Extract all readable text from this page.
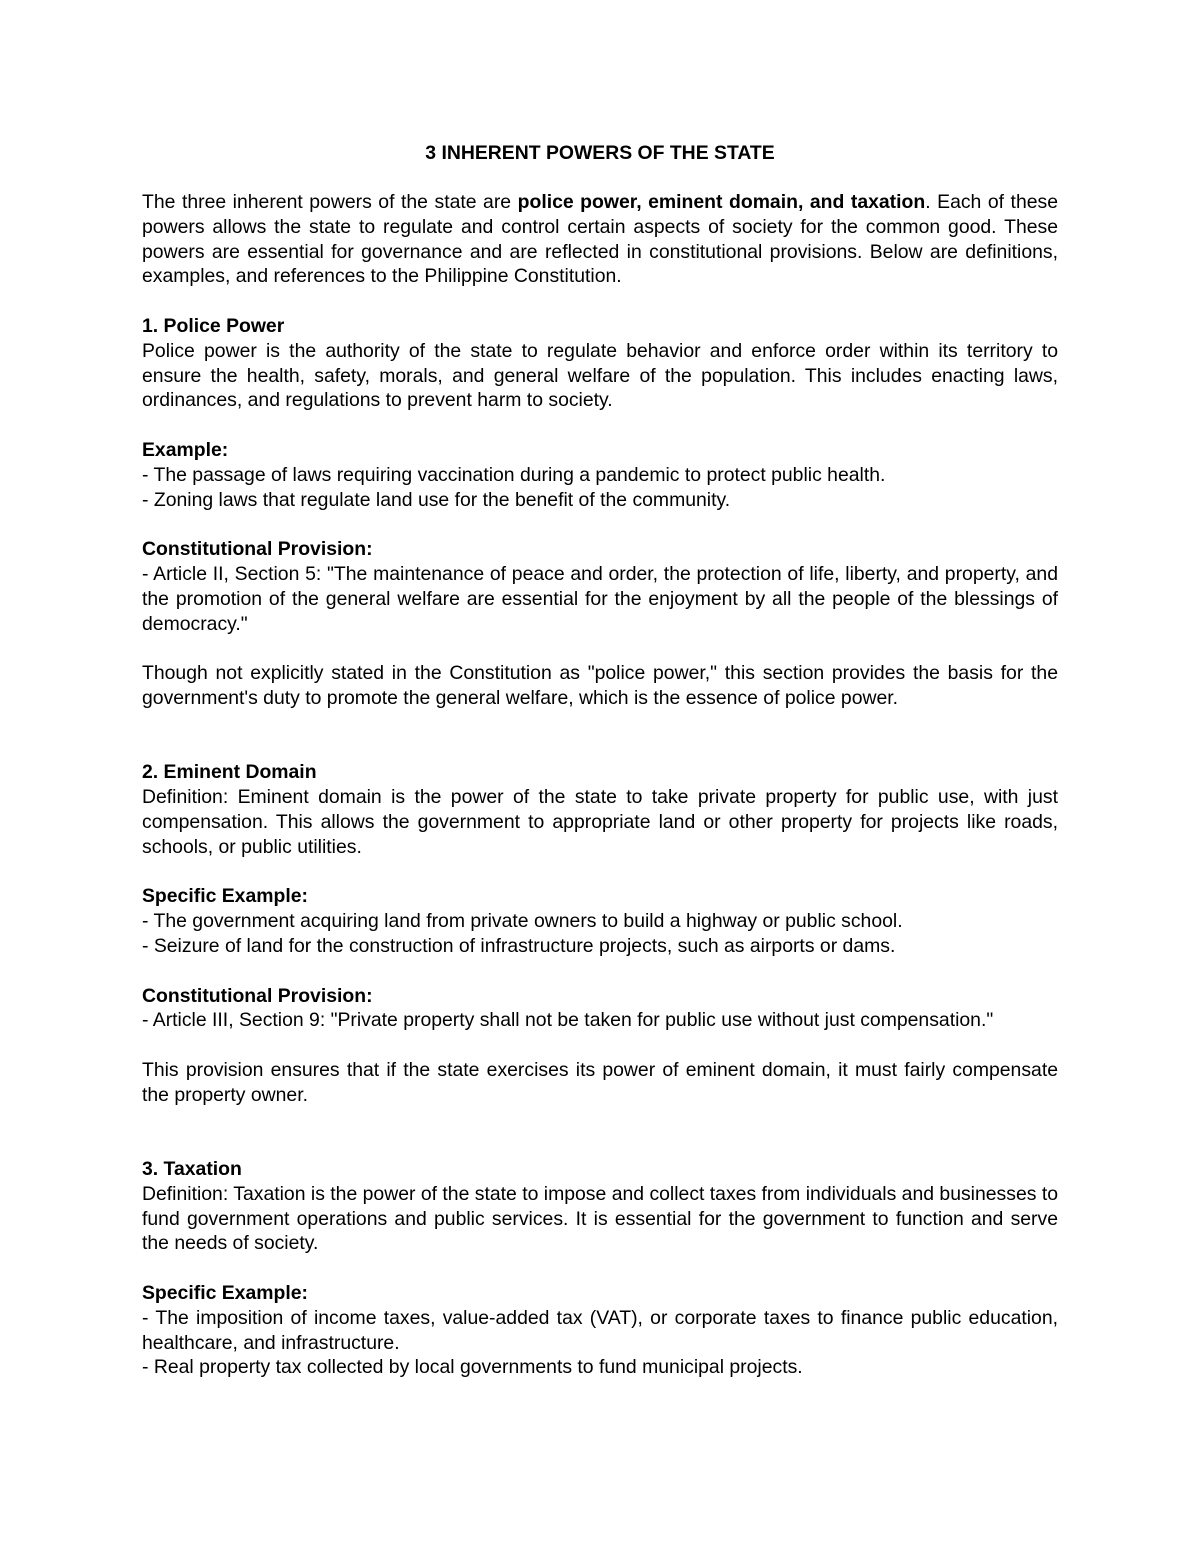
3 INHERENT POWERS OF THE STATE

The three inherent powers of the state are police power, eminent domain, and taxation. Each of these powers allows the state to regulate and control certain aspects of society for the common good. These powers are essential for governance and are reflected in constitutional provisions. Below are definitions, examples, and references to the Philippine Constitution.

1. Police Power

Police power is the authority of the state to regulate behavior and enforce order within its territory to ensure the health, safety, morals, and general welfare of the population. This includes enacting laws, ordinances, and regulations to prevent harm to society.

Example:
- The passage of laws requiring vaccination during a pandemic to protect public health.
- Zoning laws that regulate land use for the benefit of the community.
Constitutional Provision:

- Article II, Section 5: "The maintenance of peace and order, the protection of life, liberty, and property, and the promotion of the general welfare are essential for the enjoyment by all the people of the blessings of democracy."

Though not explicitly stated in the Constitution as "police power," this section provides the basis for the government's duty to promote the general welfare, which is the essence of police power.

2. Eminent Domain

Definition: Eminent domain is the power of the state to take private property for public use, with just compensation. This allows the government to appropriate land or other property for projects like roads, schools, or public utilities.

Specific Example:
- The government acquiring land from private owners to build a highway or public school.
- Seizure of land for the construction of infrastructure projects, such as airports or dams.
Constitutional Provision:

- Article III, Section 9: "Private property shall not be taken for public use without just compensation."

This provision ensures that if the state exercises its power of eminent domain, it must fairly compensate the property owner.

3. Taxation

Definition: Taxation is the power of the state to impose and collect taxes from individuals and businesses to fund government operations and public services. It is essential for the government to function and serve the needs of society.

Specific Example:

- The imposition of income taxes, value-added tax (VAT), or corporate taxes to finance public education, healthcare, and infrastructure.

- Real property tax collected by local governments to fund municipal projects.
